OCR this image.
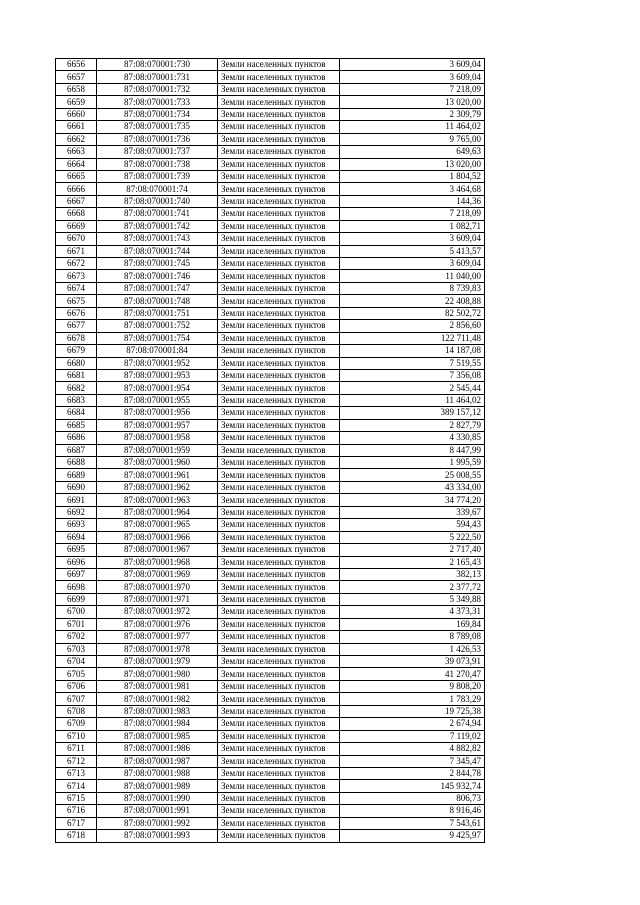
6656	87:08:070001:730	Земли населенных пунктов	3 609,04
6657	87:08:070001:731	Земли населенных пунктов	3 609,04
6658	87:08:070001:732	Земли населенных пунктов	7 218,09
6659	87:08:070001:733	Земли населенных пунктов	13 020,00
6660	87:08:070001:734	Земли населенных пунктов	2 309,79
6661	87:08:070001:735	Земли населенных пунктов	11 464,02
6662	87:08:070001:736	Земли населенных пунктов	9 765,00
6663	87:08:070001:737	Земли населенных пунктов	649,63
6664	87:08:070001:738	Земли населенных пунктов	13 020,00
6665	87:08:070001:739	Земли населенных пунктов	1 804,52
6666	87:08:070001:74	Земли населенных пунктов	3 464,68
6667	87:08:070001:740	Земли населенных пунктов	144,36
6668	87:08:070001:741	Земли населенных пунктов	7 218,09
6669	87:08:070001:742	Земли населенных пунктов	1 082,71
6670	87:08:070001:743	Земли населенных пунктов	3 609,04
6671	87:08:070001:744	Земли населенных пунктов	5 413,57
6672	87:08:070001:745	Земли населенных пунктов	3 609,04
6673	87:08:070001:746	Земли населенных пунктов	11 040,00
6674	87:08:070001:747	Земли населенных пунктов	8 739,83
6675	87:08:070001:748	Земли населенных пунктов	22 408,88
6676	87:08:070001:751	Земли населенных пунктов	82 502,72
6677	87:08:070001:752	Земли населенных пунктов	2 856,60
6678	87:08:070001:754	Земли населенных пунктов	122 711,48
6679	87:08:070001:84	Земли населенных пунктов	14 187,08
6680	87:08:070001:952	Земли населенных пунктов	7 519,55
6681	87:08:070001:953	Земли населенных пунктов	7 356,08
6682	87:08:070001:954	Земли населенных пунктов	2 545,44
6683	87:08:070001:955	Земли населенных пунктов	11 464,02
6684	87:08:070001:956	Земли населенных пунктов	389 157,12
6685	87:08:070001:957	Земли населенных пунктов	2 827,79
6686	87:08:070001:958	Земли населенных пунктов	4 330,85
6687	87:08:070001:959	Земли населенных пунктов	8 447,99
6688	87:08:070001:960	Земли населенных пунктов	1 995,59
6689	87:08:070001:961	Земли населенных пунктов	25 008,55
6690	87:08:070001:962	Земли населенных пунктов	43 334,00
6691	87:08:070001:963	Земли населенных пунктов	34 774,20
6692	87:08:070001:964	Земли населенных пунктов	339,67
6693	87:08:070001:965	Земли населенных пунктов	594,43
6694	87:08:070001:966	Земли населенных пунктов	5 222,50
6695	87:08:070001:967	Земли населенных пунктов	2 717,40
6696	87:08:070001:968	Земли населенных пунктов	2 165,43
6697	87:08:070001:969	Земли населенных пунктов	382,13
6698	87:08:070001:970	Земли населенных пунктов	2 377,72
6699	87:08:070001:971	Земли населенных пунктов	5 349,88
6700	87:08:070001:972	Земли населенных пунктов	4 373,31
6701	87:08:070001:976	Земли населенных пунктов	169,84
6702	87:08:070001:977	Земли населенных пунктов	8 789,08
6703	87:08:070001:978	Земли населенных пунктов	1 426,53
6704	87:08:070001:979	Земли населенных пунктов	39 073,91
6705	87:08:070001:980	Земли населенных пунктов	41 270,47
6706	87:08:070001:981	Земли населенных пунктов	9 808,20
6707	87:08:070001:982	Земли населенных пунктов	1 783,29
6708	87:08:070001:983	Земли населенных пунктов	19 725,38
6709	87:08:070001:984	Земли населенных пунктов	2 674,94
6710	87:08:070001:985	Земли населенных пунктов	7 119,02
6711	87:08:070001:986	Земли населенных пунктов	4 882,82
6712	87:08:070001:987	Земли населенных пунктов	7 345,47
6713	87:08:070001:988	Земли населенных пунктов	2 844,78
6714	87:08:070001:989	Земли населенных пунктов	145 932,74
6715	87:08:070001:990	Земли населенных пунктов	806,73
6716	87:08:070001:991	Земли населенных пунктов	8 916,46
6717	87:08:070001:992	Земли населенных пунктов	7 543,61
6718	87:08:070001:993	Земли населенных пунктов	9 425,97
